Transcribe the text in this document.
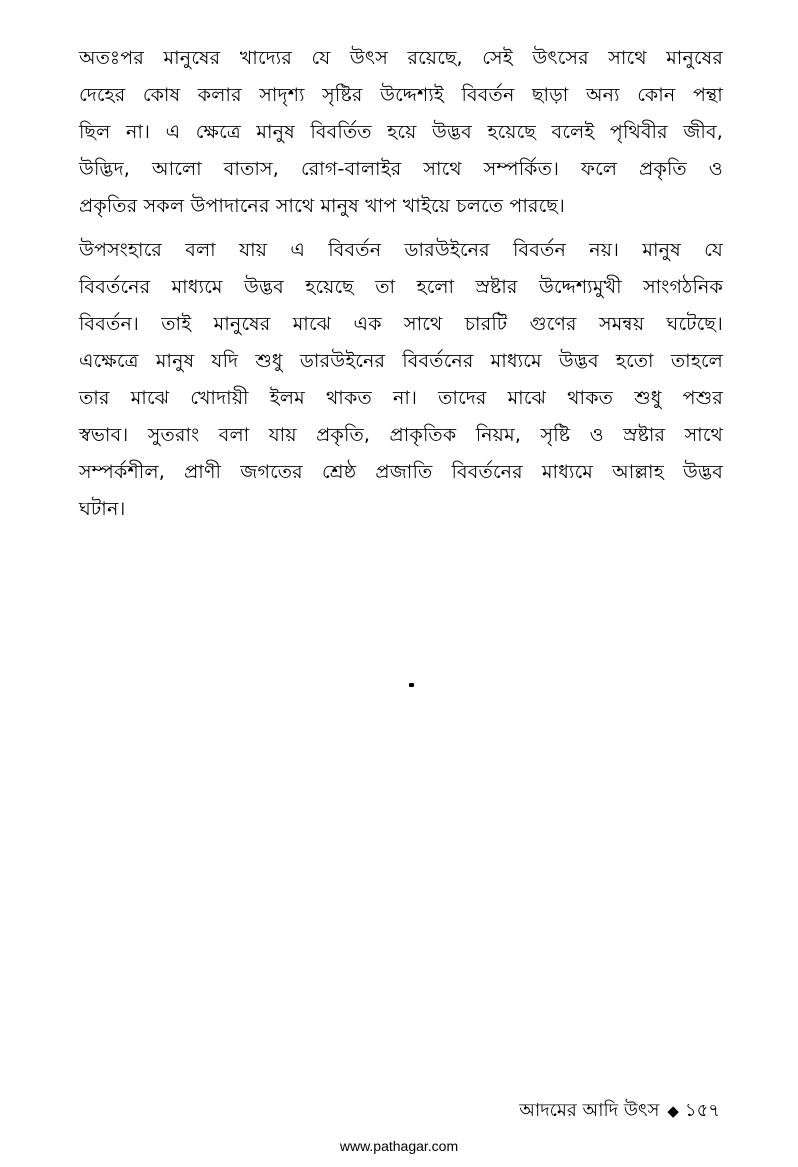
অতঃপর মানুষের খাদ্যের যে উৎস রয়েছে, সেই উৎসের সাথে মানুষের
দেহের কোষ কলার সাদৃশ্য সৃষ্টির উদ্দেশ্যই বিবর্তন ছাড়া অন্য কোন পন্থা
ছিল না। এ ক্ষেত্রে মানুষ বিবর্তিত হয়ে উদ্ভব হয়েছে বলেই পৃথিবীর জীব,
উদ্ভিদ, আলো বাতাস, রোগ-বালাইর সাথে সম্পর্কিত। ফলে প্রকৃতি ও
প্রকৃতির সকল উপাদানের সাথে মানুষ খাপ খাইয়ে চলতে পারছে।
উপসংহারে বলা যায় এ বিবর্তন ডারউইনের বিবর্তন নয়। মানুষ যে
বিবর্তনের মাধ্যমে উদ্ভব হয়েছে তা হলো স্রষ্টার উদ্দেশ্যমুখী সাংগঠনিক
বিবর্তন। তাই মানুষের মাঝে এক সাথে চারটি গুণের সমন্বয় ঘটেছে।
এক্ষেত্রে মানুষ যদি শুধু ডারউইনের বিবর্তনের মাধ্যমে উদ্ভব হতো তাহলে
তার মাঝে খোদায়ী ইলম থাকত না। তাদের মাঝে থাকত শুধু পশুর
স্বভাব। সুতরাং বলা যায় প্রকৃতি, প্রাকৃতিক নিয়ম, সৃষ্টি ও স্রষ্টার সাথে
সম্পর্কশীল, প্রাণী জগতের শ্রেষ্ঠ প্রজাতি বিবর্তনের মাধ্যমে আল্লাহ উদ্ভব
ঘটান।
আদমের আদি উৎস ◆ ১৫৭
www.pathagar.com
